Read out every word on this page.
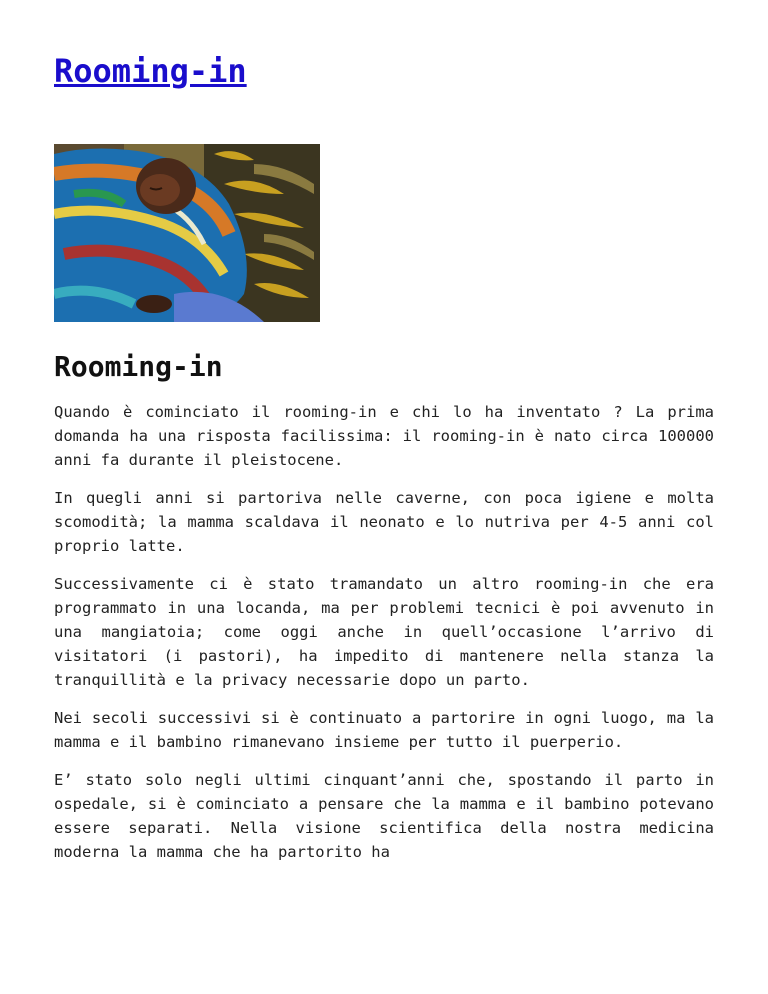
Rooming-in
Rooming-in

Quando è cominciato il rooming-in e chi lo ha inventato ? La prima domanda ha una risposta facilissima: il rooming-in è nato circa 100000 anni fa durante il pleistocene.

In quegli anni si partoriva nelle caverne, con poca igiene e molta scomodità; la mamma scaldava il neonato e lo nutriva per 4-5 anni col proprio latte.

Successivamente ci è stato tramandato un altro rooming-in che era programmato in una locanda, ma per problemi tecnici è poi avvenuto in una mangiatoia; come oggi anche in quell’occasione l’arrivo di visitatori (i pastori), ha impedito di mantenere nella stanza la tranquillità e la privacy necessarie dopo un parto.

Nei secoli successivi si è continuato a partorire in ogni luogo, ma la mamma e il bambino rimanevano insieme per tutto il puerperio.

E’ stato solo negli ultimi cinquant’anni che, spostando il parto in ospedale, si è cominciato a pensare che la mamma e il bambino potevano essere separati. Nella visione scientifica della nostra medicina moderna la mamma che ha partorito ha
